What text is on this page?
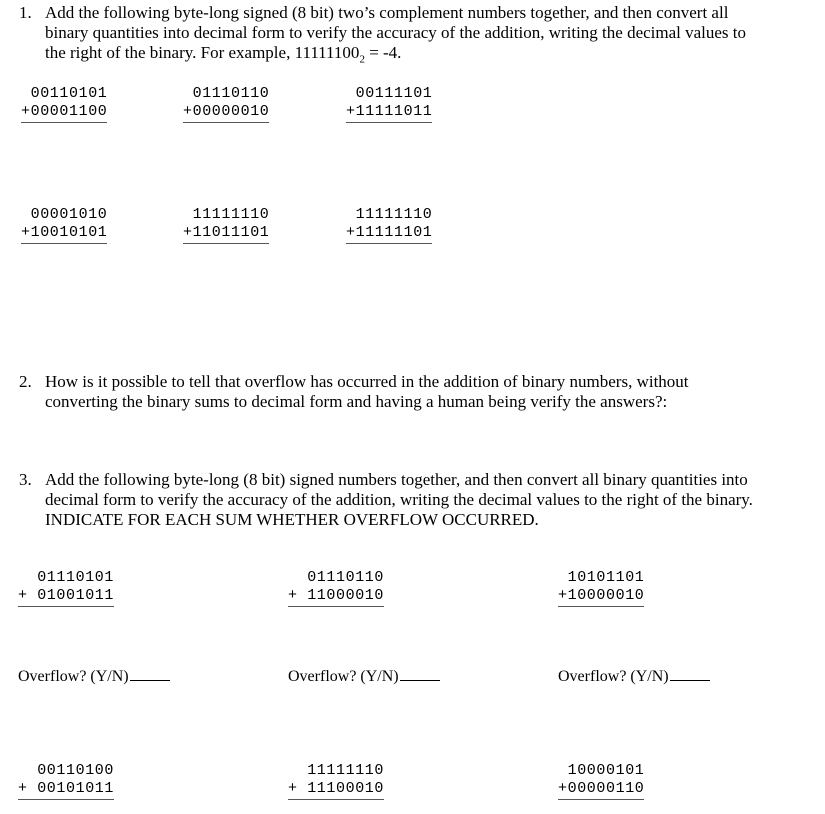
1. Add the following byte-long signed (8 bit) two’s complement numbers together, and then convert all
binary quantities into decimal form to verify the accuracy of the addition, writing the decimal values to
the right of the binary. For example, $11111100_2 = -4$.
00110101
+00001100
01110110
+00000010
00111101
+11111011
00001010
+10010101
11111110
+11011101
11111110
+11111101
2. How is it possible to tell that overflow has occurred in the addition of binary numbers, without
converting the binary sums to decimal form and having a human being verify the answers?:
3. Add the following byte-long (8 bit) signed numbers together, and then convert all binary quantities into
decimal form to verify the accuracy of the addition, writing the decimal values to the right of the binary.
INDICATE FOR EACH SUM WHETHER OVERFLOW OCCURRED.
01110101
+ 01001011
01110110
+ 11000010
10101101
+10000010
Overflow? (Y/N)	Overflow? (Y/N)	Overflow? (Y/N)
00110100
+ 00101011
11111110
+ 11100010
10000101
+00000110
